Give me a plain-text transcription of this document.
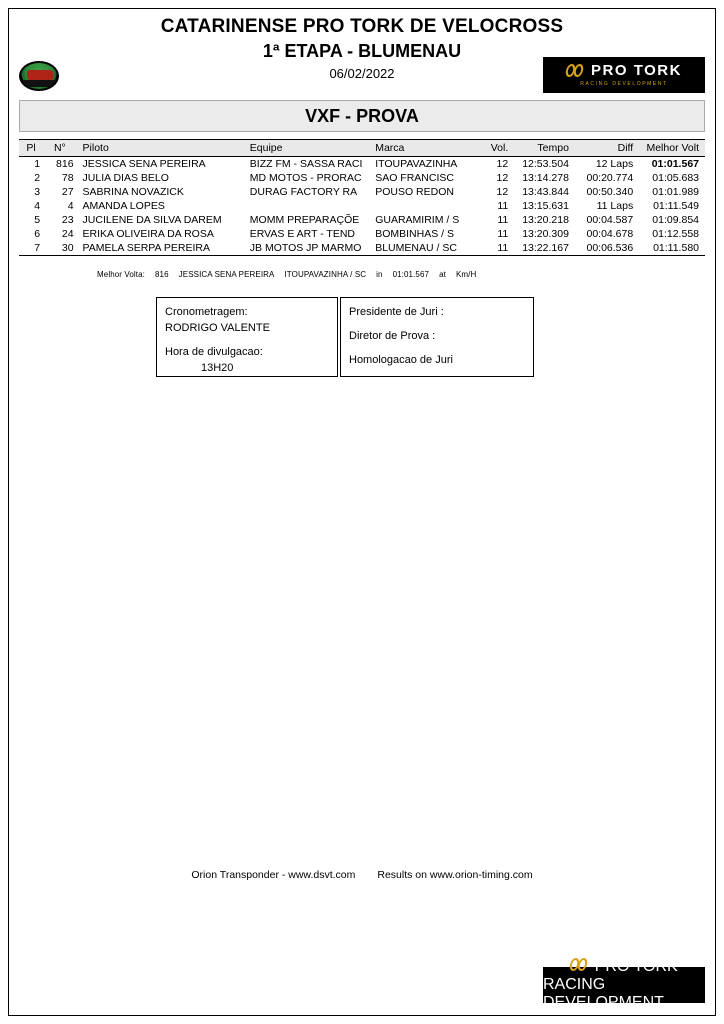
CATARINENSE PRO TORK DE VELOCROSS
1ª ETAPA - BLUMENAU
06/02/2022	PRO TORK
RACING DEVELOPMENT
VXF - PROVA
Pl	N°	Piloto	Equipe	Marca	Vol.	Tempo	Diff	Melhor Volt
1	816	JESSICA SENA PEREIRA	BIZZ FM - SASSA RACI	ITOUPAVAZINHA	12	12:53.504	12 Laps	01:01.567
2	78	JULIA DIAS BELO	MD MOTOS - PRORAC	SAO FRANCISC	12	13:14.278	00:20.774	01:05.683
3	27	SABRINA NOVAZICK	DURAG FACTORY RA	POUSO REDON	12	13:43.844	00:50.340	01:01.989
4	4	AMANDA LOPES			11	13:15.631	11 Laps	01:11.549
5	23	JUCILENE DA SILVA DAREM	MOMM PREPARAÇÕE	GUARAMIRIM / S	11	13:20.218	00:04.587	01:09.854
6	24	ERIKA OLIVEIRA DA ROSA	ERVAS E ART - TEND	BOMBINHAS / S	11	13:20.309	00:04.678	01:12.558
7	30	PAMELA SERPA PEREIRA	JB MOTOS JP MARMO	BLUMENAU / SC	11	13:22.167	00:06.536	01:11.580
Melhor Volta: 816 JESSICA SENA PEREIRA ITOUPAVAZINHA / SC in 01:01.567 at Km/H
Cronometragem:
RODRIGO VALENTE
Hora de divulgacao:
13H20
Presidente de Juri :
Diretor de Prova :
Homologacao de Juri
Orion Transponder - www.dsvt.com Results on www.orion-timing.com
PRO TORK
RACING DEVELOPMENT
